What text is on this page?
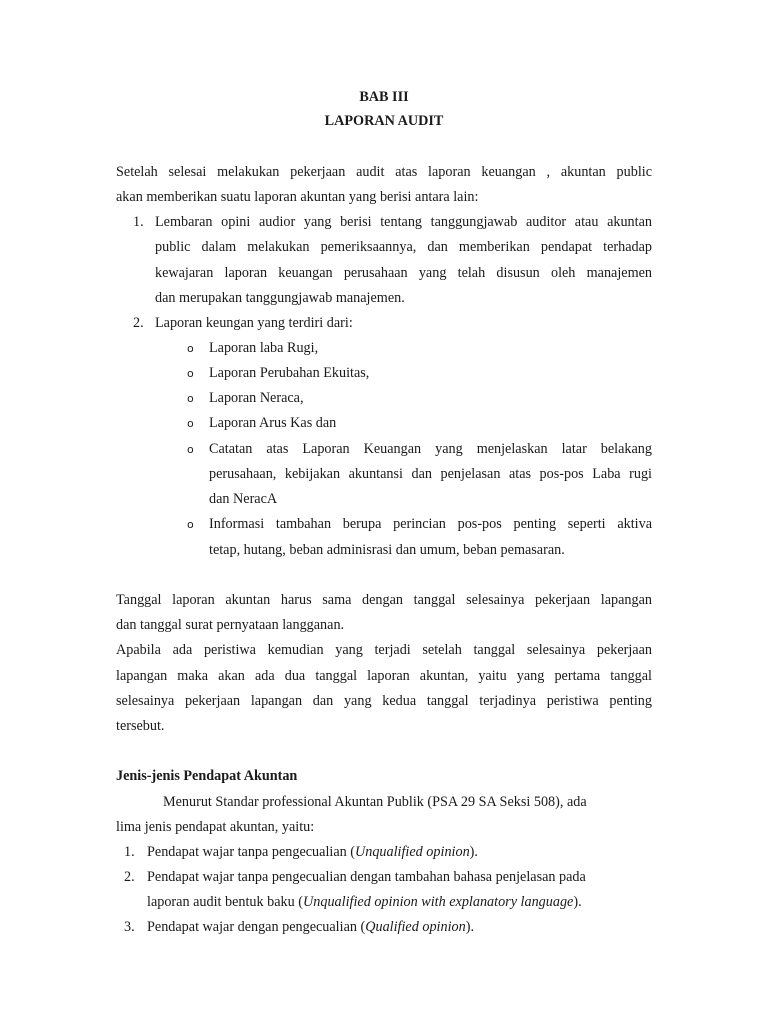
BAB III
LAPORAN AUDIT
Setelah selesai melakukan pekerjaan audit atas laporan keuangan , akuntan public
akan memberikan suatu laporan akuntan yang berisi antara lain:
1. Lembaran opini audior yang berisi tentang tanggungjawab auditor atau akuntan
public dalam melakukan pemeriksaannya, dan memberikan pendapat terhadap
kewajaran laporan keuangan perusahaan yang telah disusun oleh manajemen
dan merupakan tanggungjawab manajemen.
2. Laporan keungan yang terdiri dari:
o Laporan laba Rugi,
o Laporan Perubahan Ekuitas,
o Laporan Neraca,
o Laporan Arus Kas dan
o Catatan atas Laporan Keuangan yang menjelaskan latar belakang
perusahaan, kebijakan akuntansi dan penjelasan atas pos-pos Laba rugi
dan NeracA
o Informasi tambahan berupa perincian pos-pos penting seperti aktiva
tetap, hutang, beban adminisrasi dan umum, beban pemasaran.
Tanggal laporan akuntan harus sama dengan tanggal selesainya pekerjaan lapangan
dan tanggal surat pernyataan langganan.
Apabila ada peristiwa kemudian yang terjadi setelah tanggal selesainya pekerjaan
lapangan maka akan ada dua tanggal laporan akuntan, yaitu yang pertama tanggal
selesainya pekerjaan lapangan dan yang kedua tanggal terjadinya peristiwa penting
tersebut.
Jenis-jenis Pendapat Akuntan
Menurut Standar professional Akuntan Publik (PSA 29 SA Seksi 508), ada
lima jenis pendapat akuntan, yaitu:
1. Pendapat wajar tanpa pengecualian (Unqualified opinion).
2. Pendapat wajar tanpa pengecualian dengan tambahan bahasa penjelasan pada
laporan audit bentuk baku (Unqualified opinion with explanatory language).
3. Pendapat wajar dengan pengecualian (Qualified opinion).
